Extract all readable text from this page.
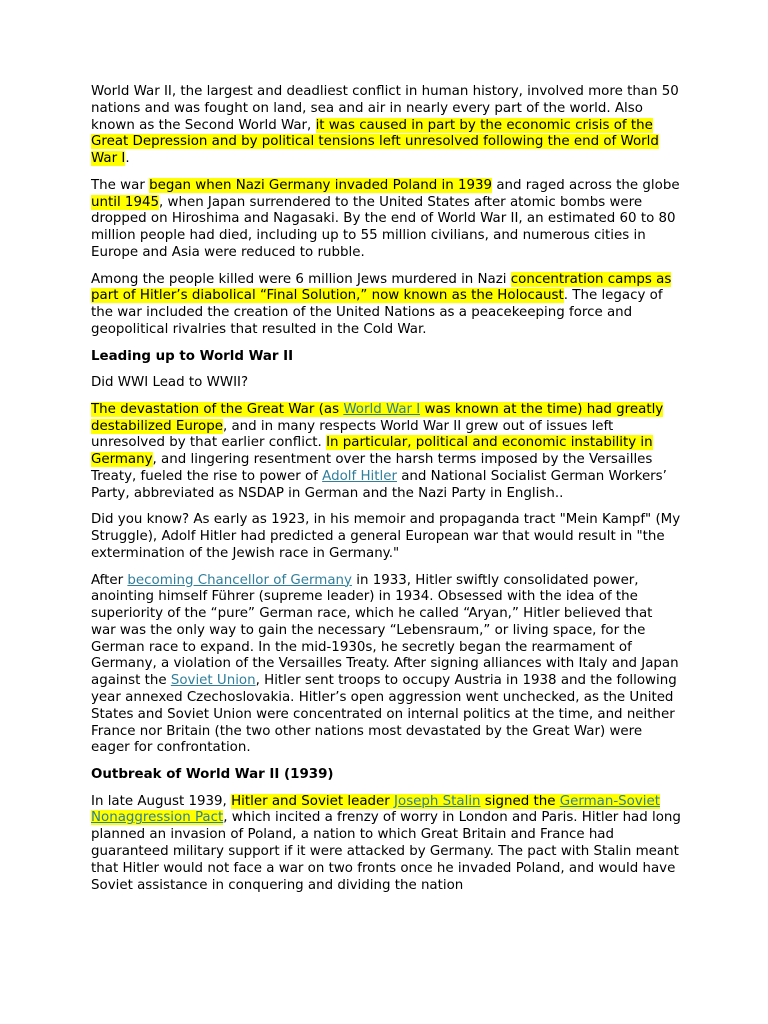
World War II, the largest and deadliest conflict in human history, involved more than 50 nations and was fought on land, sea and air in nearly every part of the world. Also known as the Second World War, it was caused in part by the economic crisis of the Great Depression and by political tensions left unresolved following the end of World War I.
The war began when Nazi Germany invaded Poland in 1939 and raged across the globe until 1945, when Japan surrendered to the United States after atomic bombs were dropped on Hiroshima and Nagasaki. By the end of World War II, an estimated 60 to 80 million people had died, including up to 55 million civilians, and numerous cities in Europe and Asia were reduced to rubble.
Among the people killed were 6 million Jews murdered in Nazi concentration camps as part of Hitler’s diabolical “Final Solution,” now known as the Holocaust. The legacy of the war included the creation of the United Nations as a peacekeeping force and geopolitical rivalries that resulted in the Cold War.
Leading up to World War II
Did WWI Lead to WWII?
The devastation of the Great War (as World War I was known at the time) had greatly destabilized Europe, and in many respects World War II grew out of issues left unresolved by that earlier conflict. In particular, political and economic instability in Germany, and lingering resentment over the harsh terms imposed by the Versailles Treaty, fueled the rise to power of Adolf Hitler and National Socialist German Workers’ Party, abbreviated as NSDAP in German and the Nazi Party in English..
Did you know? As early as 1923, in his memoir and propaganda tract "Mein Kampf" (My Struggle), Adolf Hitler had predicted a general European war that would result in "the extermination of the Jewish race in Germany."
After becoming Chancellor of Germany in 1933, Hitler swiftly consolidated power, anointing himself Führer (supreme leader) in 1934. Obsessed with the idea of the superiority of the “pure” German race, which he called “Aryan,” Hitler believed that war was the only way to gain the necessary “Lebensraum,” or living space, for the German race to expand. In the mid-1930s, he secretly began the rearmament of Germany, a violation of the Versailles Treaty. After signing alliances with Italy and Japan against the Soviet Union, Hitler sent troops to occupy Austria in 1938 and the following year annexed Czechoslovakia. Hitler’s open aggression went unchecked, as the United States and Soviet Union were concentrated on internal politics at the time, and neither France nor Britain (the two other nations most devastated by the Great War) were eager for confrontation.
Outbreak of World War II (1939)
In late August 1939, Hitler and Soviet leader Joseph Stalin signed the German-Soviet Nonaggression Pact, which incited a frenzy of worry in London and Paris. Hitler had long planned an invasion of Poland, a nation to which Great Britain and France had guaranteed military support if it were attacked by Germany. The pact with Stalin meant that Hitler would not face a war on two fronts once he invaded Poland, and would have Soviet assistance in conquering and dividing the nation
